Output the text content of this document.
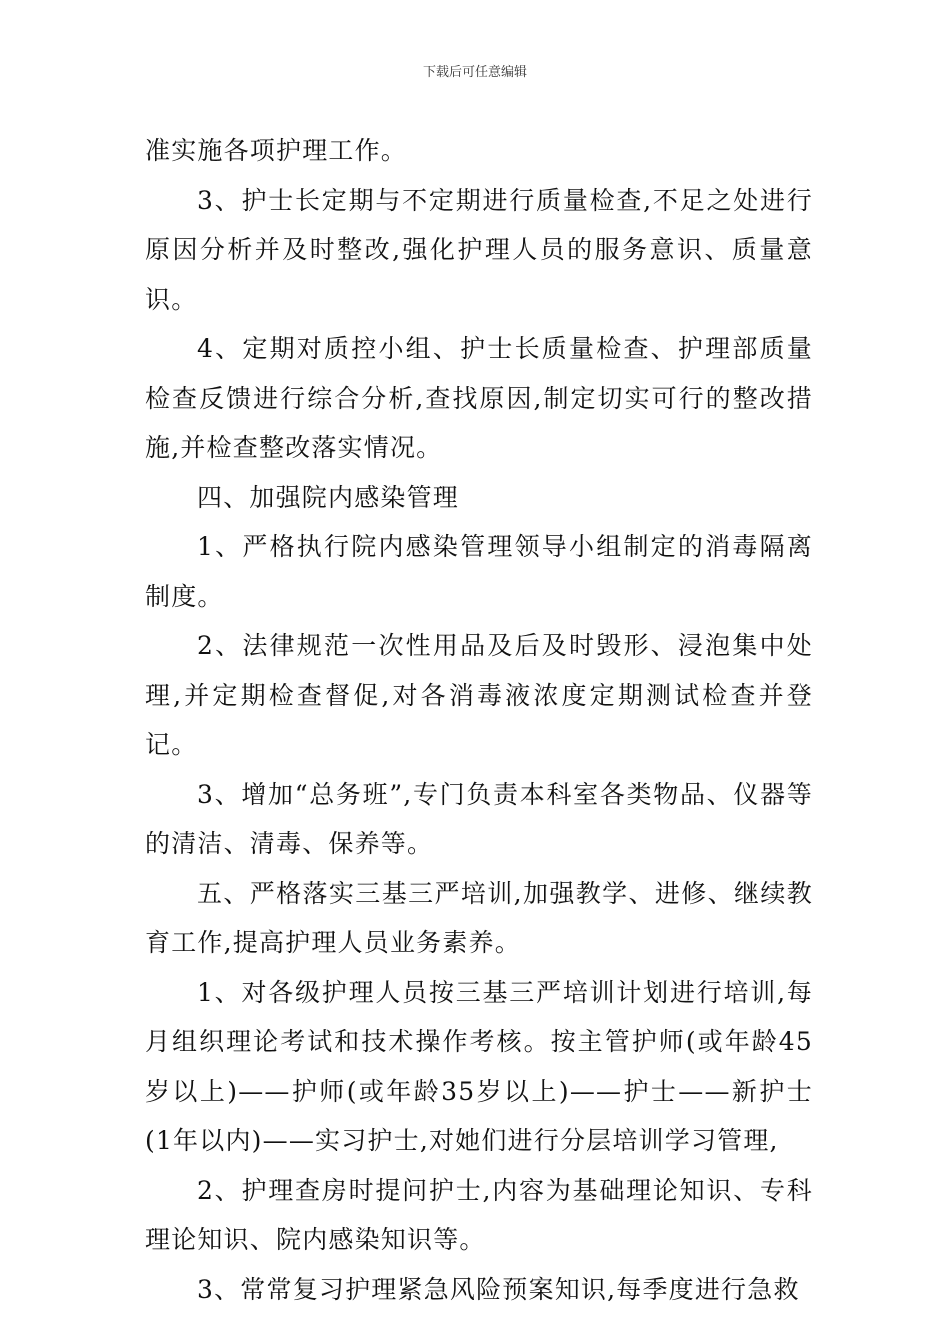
下载后可任意编辑

准实施各项护理工作。

3、护士长定期与不定期进行质量检查,不足之处进行原因分析并及时整改,强化护理人员的服务意识、质量意识。

4、定期对质控小组、护士长质量检查、护理部质量检查反馈进行综合分析,查找原因,制定切实可行的整改措施,并检查整改落实情况。

四、加强院内感染管理

1、严格执行院内感染管理领导小组制定的消毒隔离制度。

2、法律规范一次性用品及后及时毁形、浸泡集中处理,并定期检查督促,对各消毒液浓度定期测试检查并登记。

3、增加“总务班”,专门负责本科室各类物品、仪器等的清洁、清毒、保养等。

五、严格落实三基三严培训,加强教学、进修、继续教育工作,提高护理人员业务素养。

1、对各级护理人员按三基三严培训计划进行培训,每月组织理论考试和技术操作考核。按主管护师(或年龄45岁以上)——护师(或年龄35岁以上)——护士——新护士(1年以内)——实习护士,对她们进行分层培训学习管理,

2、护理查房时提问护士,内容为基础理论知识、专科理论知识、院内感染知识等。

3、常常复习护理紧急风险预案知识,每季度进行急救
